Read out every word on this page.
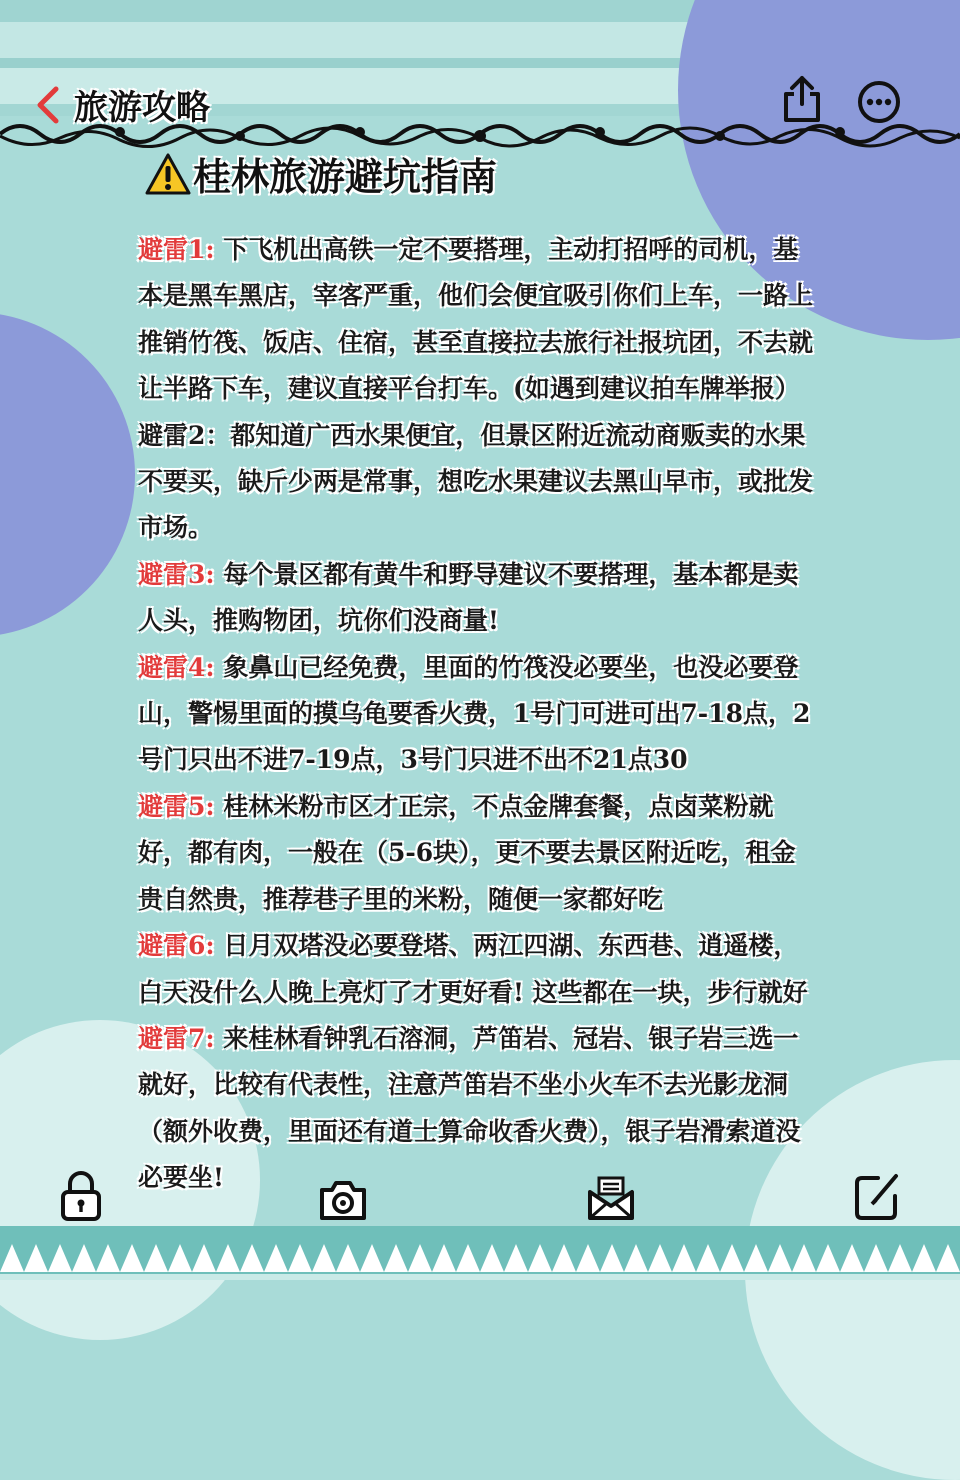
旅游攻略
桂林旅游避坑指南

避雷1: 下飞机出高铁一定不要搭理，主动打招呼的司机，基本是黑车黑店，宰客严重，他们会便宜吸引你们上车，一路上推销竹筏、饭店、住宿，甚至直接拉去旅行社报坑团，不去就让半路下车，建议直接平台打车。(如遇到建议拍车牌举报）避雷2：都知道广西水果便宜，但景区附近流动商贩卖的水果不要买，缺斤少两是常事，想吃水果建议去黑山早市，或批发市场。

避雷3: 每个景区都有黄牛和野导建议不要搭理，基本都是卖人头，推购物团，坑你们没商量!

避雷4: 象鼻山已经免费，里面的竹筏没必要坐，也没必要登山，警惕里面的摸乌龟要香火费，1号门可进可出7-18点，2号门只出不进7-19点，3号门只进不出不21点30

避雷5: 桂林米粉市区才正宗，不点金牌套餐，点卤菜粉就好，都有肉，一般在（5-6块），更不要去景区附近吃，租金贵自然贵，推荐巷子里的米粉，随便一家都好吃

避雷6: 日月双塔没必要登塔、两江四湖、东西巷、逍遥楼，白天没什么人晚上亮灯了才更好看! 这些都在一块，步行就好

避雷7: 来桂林看钟乳石溶洞，芦笛岩、冠岩、银子岩三选一就好，比较有代表性，注意芦笛岩不坐小火车不去光影龙洞（额外收费，里面还有道士算命收香火费），银子岩滑索道没必要坐!
